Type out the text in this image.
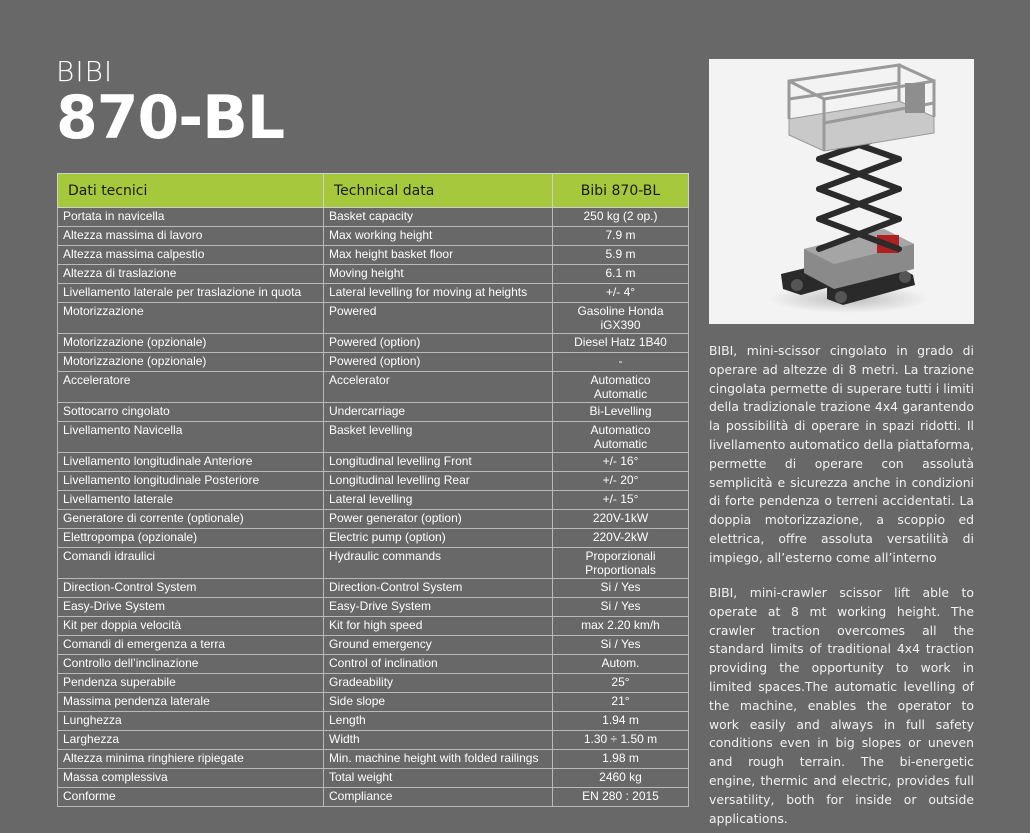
BIBI
870-BL
Dati tecnici	Technical data	Bibi 870-BL
Portata in navicella	Basket capacity	250 kg (2 op.)
Altezza massima di lavoro	Max working height	7.9 m
Altezza massima calpestio	Max height basket floor	5.9 m
Altezza di traslazione	Moving height	6.1 m
Livellamento laterale per traslazione in quota	Lateral levelling for moving at heights	+/- 4°
Motorizzazione	Powered	Gasoline Honda
iGX390
Motorizzazione (opzionale)	Powered (option)	Diesel Hatz 1B40
Motorizzazione (opzionale)	Powered (option)	-
Acceleratore	Accelerator	Automatico
Automatic
Sottocarro cingolato	Undercarriage	Bi-Levelling
Livellamento Navicella	Basket levelling	Automatico
Automatic
Livellamento longitudinale Anteriore	Longitudinal levelling Front	+/- 16°
Livellamento longitudinale Posteriore	Longitudinal levelling Rear	+/- 20°
Livellamento laterale	Lateral levelling	+/- 15°
Generatore di corrente (optionale)	Power generator (option)	220V-1kW
Elettropompa (opzionale)	Electric pump (option)	220V-2kW
Comandi idraulici	Hydraulic commands	Proporzionali
Proportionals
Direction-Control System	Direction-Control System	Si / Yes
Easy-Drive System	Easy-Drive System	Si / Yes
Kit per doppia velocità	Kit for high speed	max 2.20 km/h
Comandi di emergenza a terra	Ground emergency	Si / Yes
Controllo dell’inclinazione	Control of inclination	Autom.
Pendenza superabile	Gradeability	25°
Massima pendenza laterale	Side slope	21°
Lunghezza	Length	1.94 m
Larghezza	Width	1.30 ÷ 1.50 m
Altezza minima ringhiere ripiegate	Min. machine height with folded railings	1.98 m
Massa complessiva	Total weight	2460 kg
Conforme	Compliance	EN 280 : 2015

BIBI, mini-scissor cingolato in grado di operare ad altezze di 8 metri. La trazione cingolata permette di superare tutti i limiti della tradizionale trazione 4x4 garantendo la possibilità di operare in spazi ridotti. Il livellamento automatico della piattaforma, permette di operare con assolutà semplicità e sicurezza anche in condizioni di forte pendenza o terreni accidentati. La doppia motorizzazione, a scoppio ed elettrica, offre assoluta versatilità di impiego, all’esterno come all’interno

BIBI, mini-crawler scissor lift able to operate at 8 mt working height. The crawler traction overcomes all the standard limits of traditional 4x4 traction providing the opportunity to work in limited spaces.The automatic levelling of the machine, enables the operator to work easily and always in full safety conditions even in big slopes or uneven and rough terrain. The bi-energetic engine, thermic and electric, provides full versatility, both for inside or outside applications.
